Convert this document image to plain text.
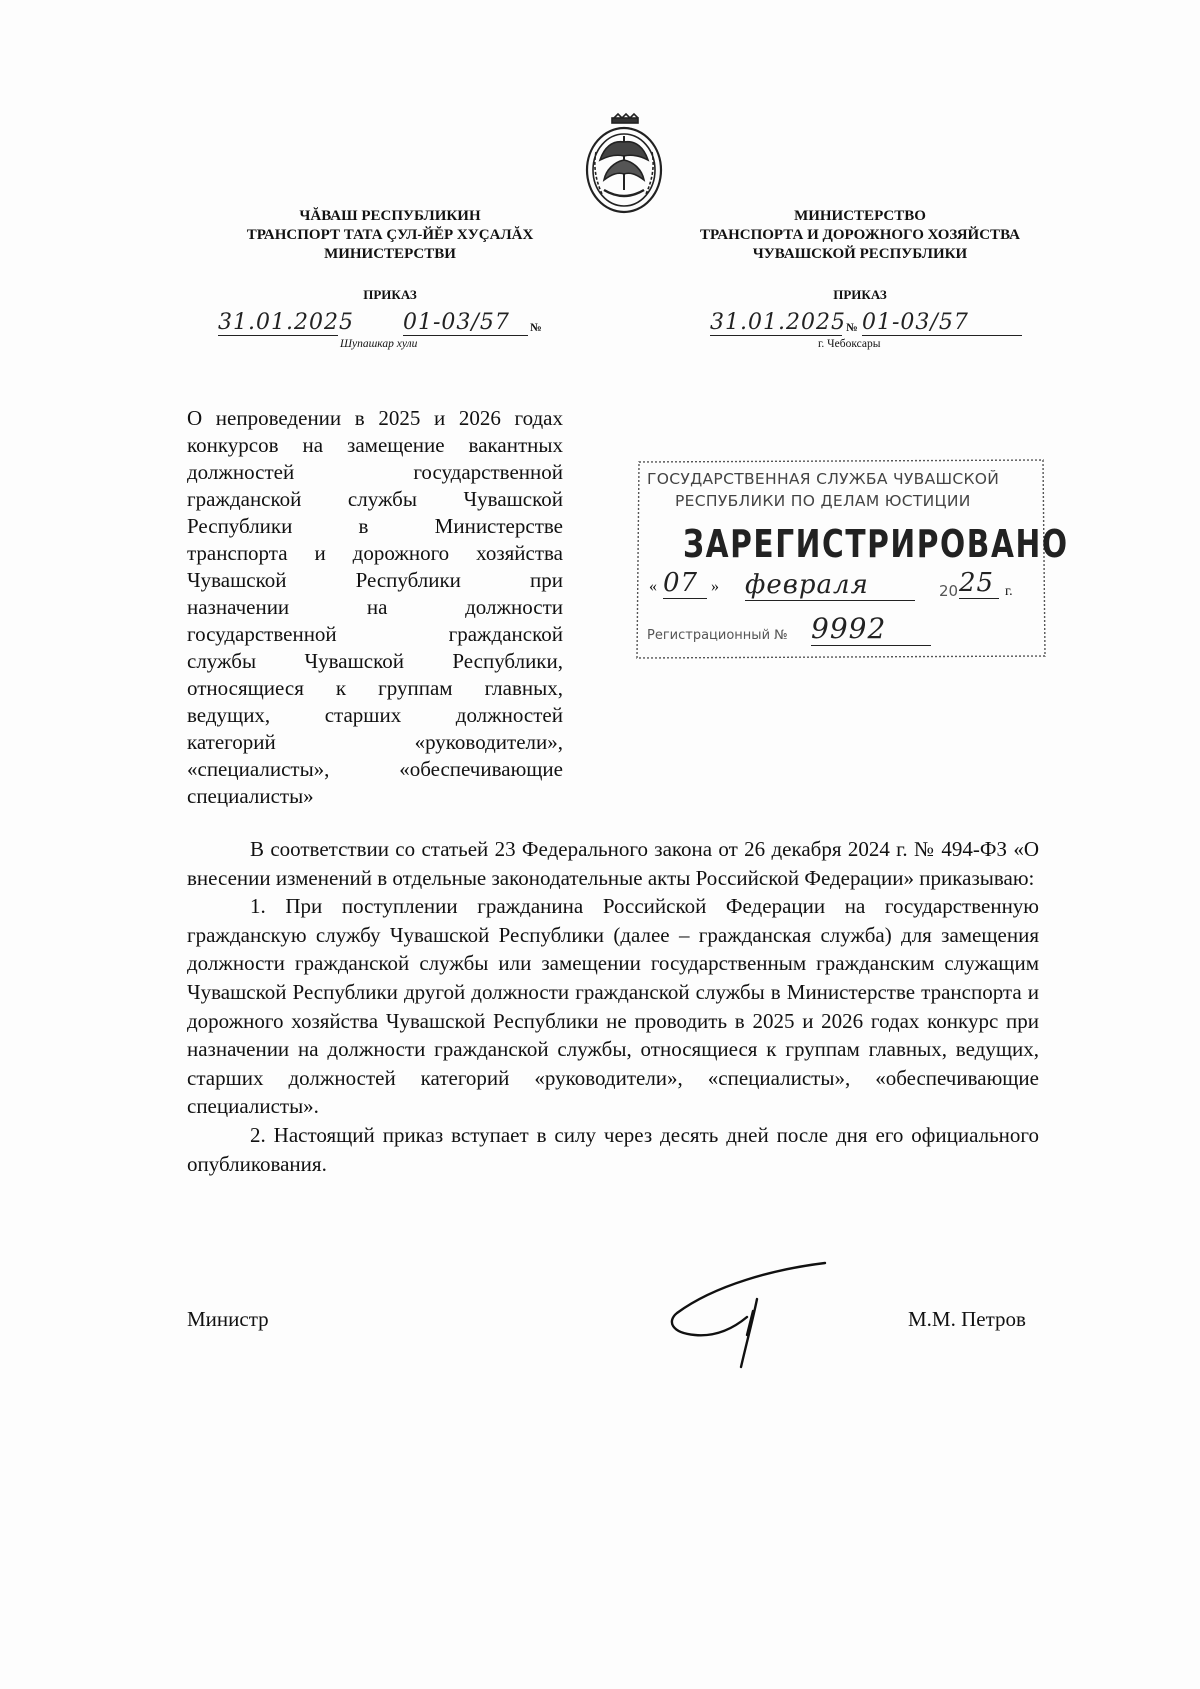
ЧĂВАШ РЕСПУБЛИКИН
ТРАНСПОРТ ТАТА ÇУЛ-ЙĔР ХУÇАЛĂХ
МИНИСТЕРСТВИ
МИНИСТЕРСТВО
ТРАНСПОРТА И ДОРОЖНОГО ХОЗЯЙСТВА
ЧУВАШСКОЙ РЕСПУБЛИКИ
ПРИКАЗ	ПРИКАЗ
31.01.2025 01-03/57	№
Шупашкар хули
31.01.2025 № 01-03/57
г. Чебоксары
О непроведении в 2025 и 2026 годах
конкурсов на замещение вакантных
должностей государственной
гражданской службы Чувашской
Республики в Министерстве
транспорта и дорожного хозяйства
Чувашской Республики при
назначении на должности
государственной гражданской
службы Чувашской Республики,
относящиеся к группам главных,
ведущих, старших должностей
категорий «руководители»,
«специалисты», «обеспечивающие
специалисты»
ГОСУДАРСТВЕННАЯ СЛУЖБА ЧУВАШСКОЙ
РЕСПУБЛИКИ ПО ДЕЛАМ ЮСТИЦИИ
ЗАРЕГИСТРИРОВАНО
« 07 » февраля	20 25 г.
Регистрационный № 9992

В соответствии со статьей 23 Федерального закона от 26 декабря 2024 г. № 494-ФЗ «О внесении изменений в отдельные законодательные акты Российской Федерации» приказываю:

1. При поступлении гражданина Российской Федерации на государственную гражданскую службу Чувашской Республики (далее – гражданская служба) для замещения должности гражданской службы или замещении государственным гражданским служащим Чувашской Республики другой должности гражданской службы в Министерстве транспорта и дорожного хозяйства Чувашской Республики не проводить в 2025 и 2026 годах конкурс при назначении на должности гражданской службы, относящиеся к группам главных, ведущих, старших должностей категорий «руководители», «специалисты», «обеспечивающие специалисты».

2. Настоящий приказ вступает в силу через десять дней после дня его официального опубликования.

Министр	М.М. Петров
